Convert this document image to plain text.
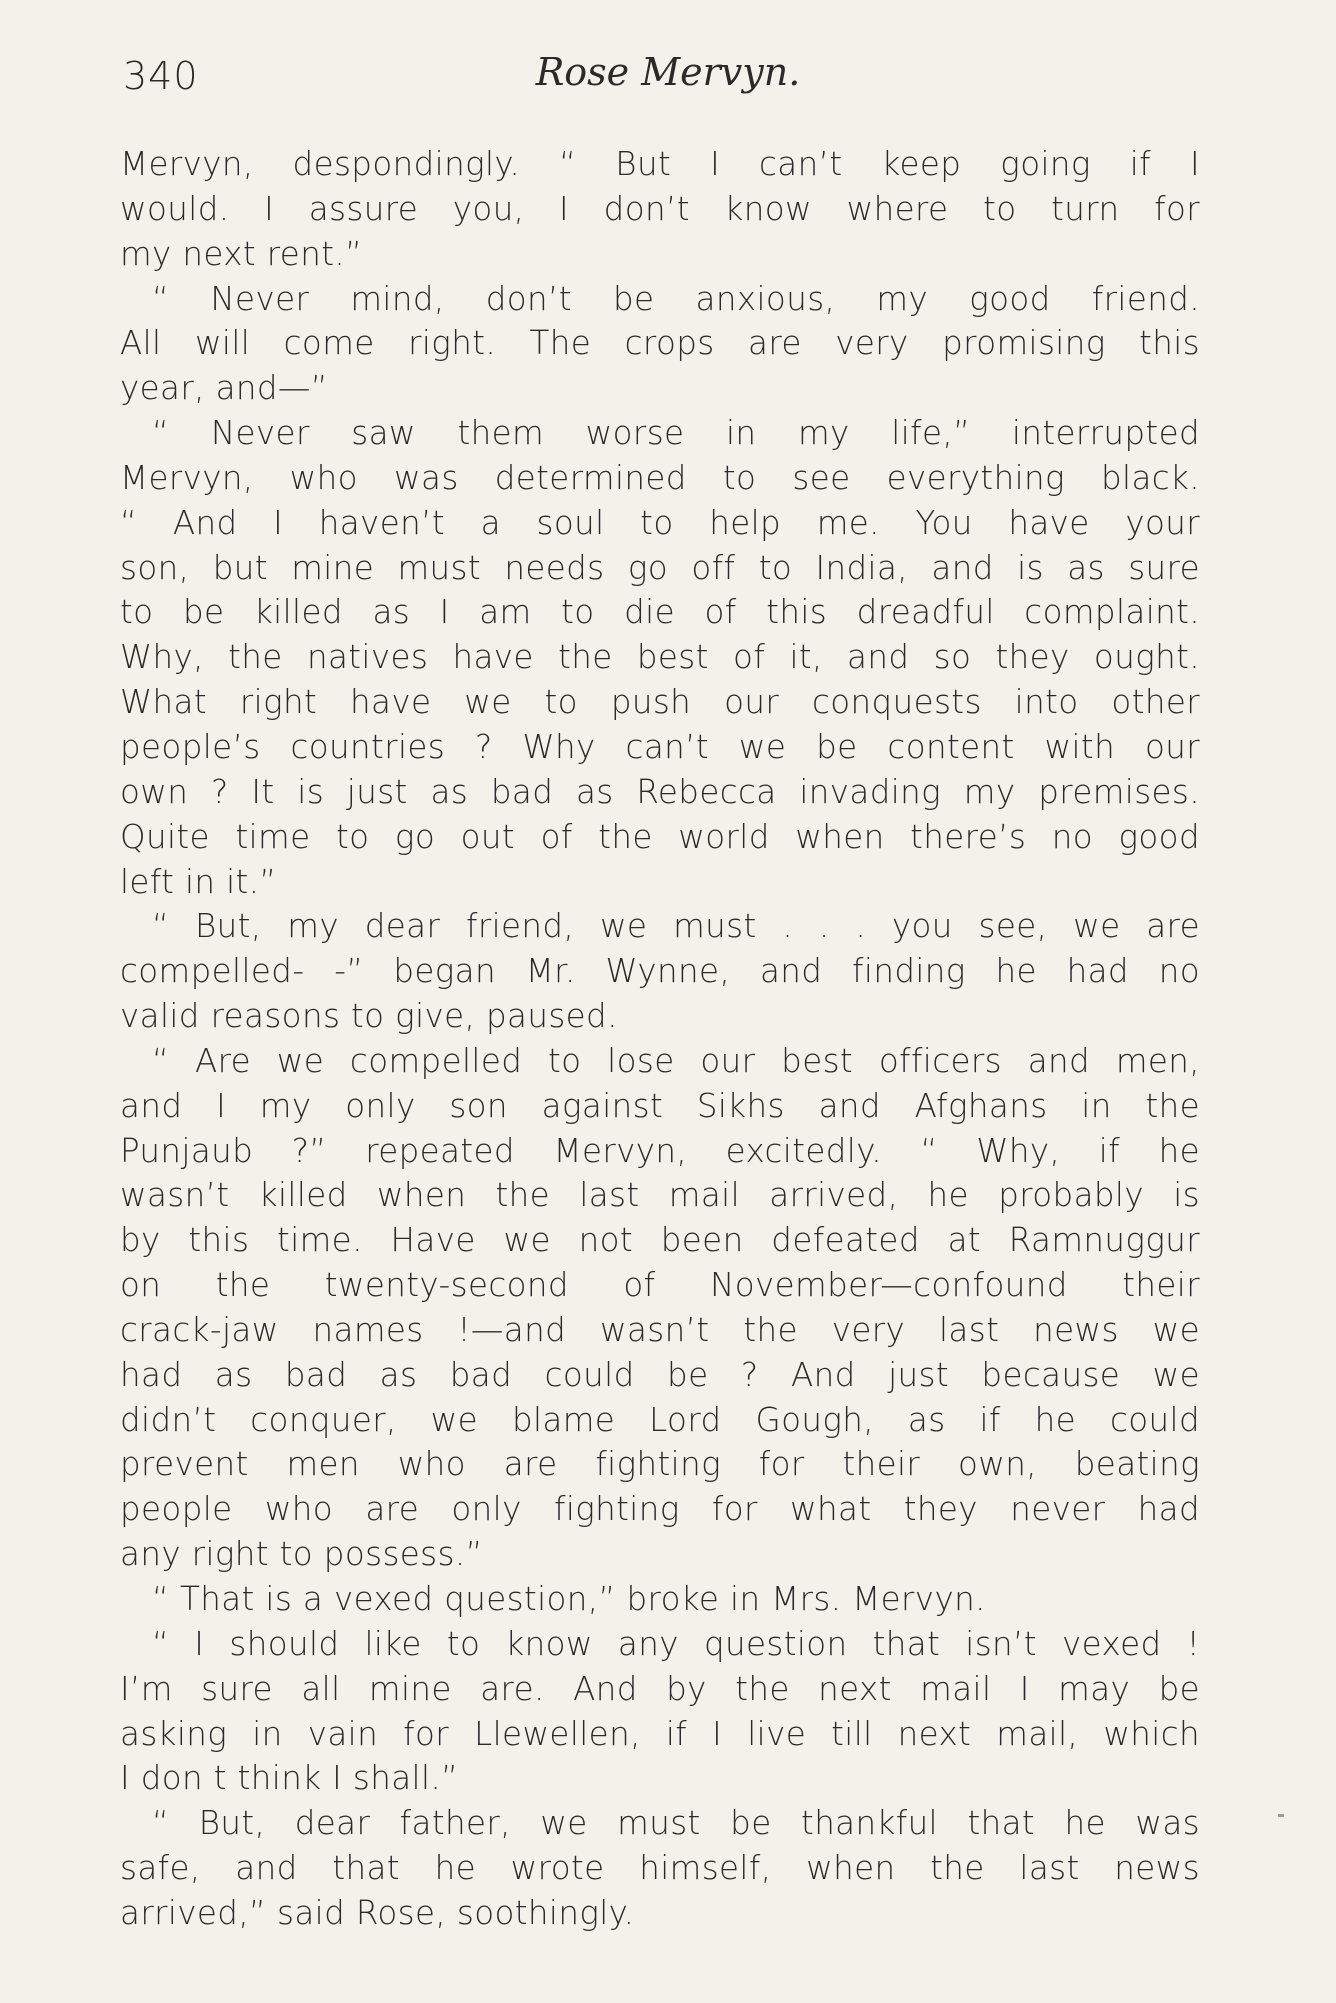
340	Rose Mervyn.
Mervyn, despondingly. “ But I can’t keep going if I
would. I assure you, I don’t know where to turn for
my next rent.”
“ Never mind, don’t be anxious, my good friend.
All will come right. The crops are very promising this
year, and—”
“ Never saw them worse in my life,” interrupted
Mervyn, who was determined to see everything black.
“ And I haven’t a soul to help me. You have your
son, but mine must needs go off to India, and is as sure
to be killed as I am to die of this dreadful complaint.
Why, the natives have the best of it, and so they ought.
What right have we to push our conquests into other
people’s countries ? Why can’t we be content with our
own ? It is just as bad as Rebecca invading my premises.
Quite time to go out of the world when there’s no good
left in it.”
“ But, my dear friend, we must . . . you see, we are
compelled- -” began Mr. Wynne, and finding he had no
valid reasons to give, paused.
“ Are we compelled to lose our best officers and men,
and I my only son against Sikhs and Afghans in the
Punjaub ?” repeated Mervyn, excitedly. “ Why, if he
wasn’t killed when the last mail arrived, he probably is
by this time. Have we not been defeated at Ramnuggur
on the twenty-second of November—confound their
crack-jaw names !—and wasn’t the very last news we
had as bad as bad could be ? And just because we
didn’t conquer, we blame Lord Gough, as if he could
prevent men who are fighting for their own, beating
people who are only fighting for what they never had
any right to possess.”
“ That is a vexed question,” broke in Mrs. Mervyn.
“ I should like to know any question that isn’t vexed !
I’m sure all mine are. And by the next mail I may be
asking in vain for Llewellen, if I live till next mail, which
I don t think I shall.”
“ But, dear father, we must be thankful that he was
safe, and that he wrote himself, when the last news
arrived,” said Rose, soothingly.
